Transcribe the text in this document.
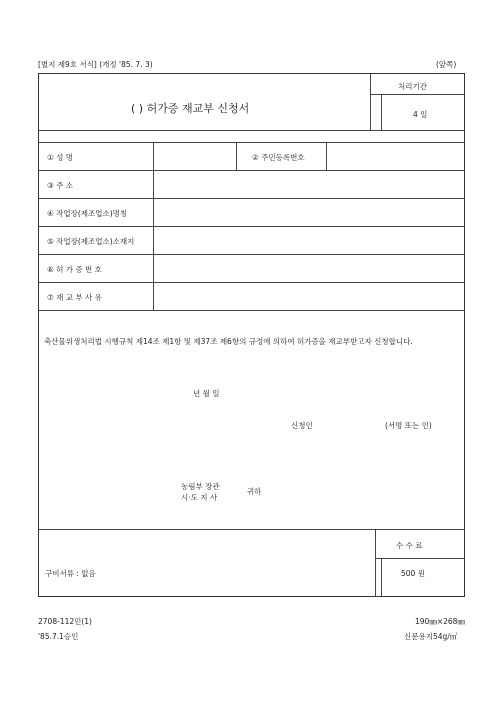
[별지 제9호 서식] (개정 '85. 7. 3)	(앞쪽)
( ) 허가증 재교부 신청서
처리기간
4 일
① 성 명	② 주민등록번호
③ 주 소
④ 작업장(제조업소)명칭
⑤ 작업장(제조업소)소재지
⑥ 허 가 증 번 호
⑦ 재 교 부 사 유
년 월 일
신청인	(서명 또는 인)
농림부 장관
시·도 지 사
귀하
수 수 료
500 원
구비서류 : 없음
축산물위생처리법 시행규칙 제14조 제1항 및 제37조 제6항의 규정에 의하여 허가증을 재교부받고자 신청합니다.
2708-112민(1)
'85.7.1승인
190㎜×268㎜
신문용지54g/㎡
